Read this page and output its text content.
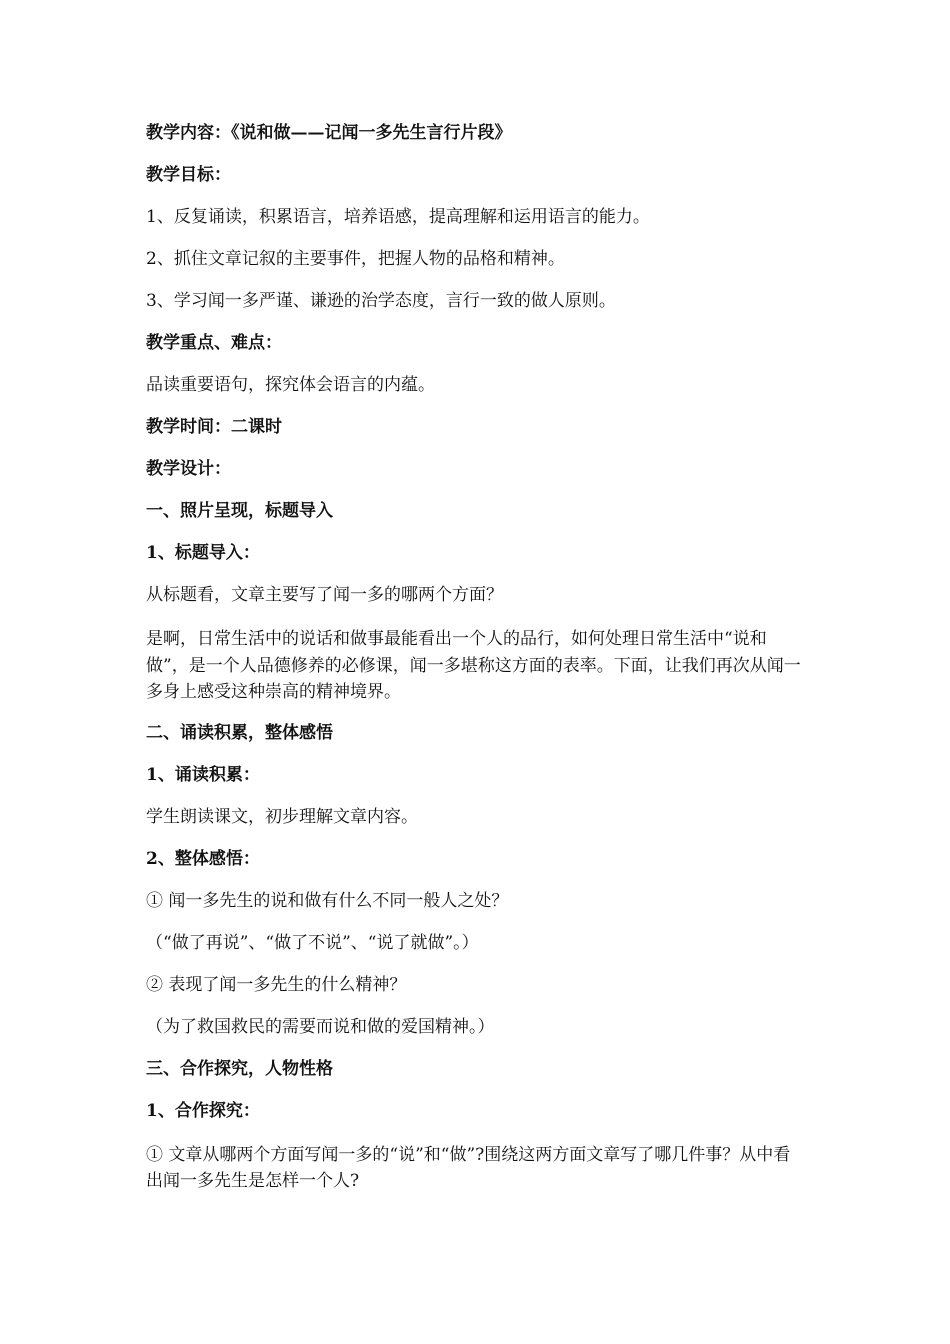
教学内容：《说和做——记闻一多先生言行片段》

教学目标：

1、反复诵读，积累语言，培养语感，提高理解和运用语言的能力。

2、抓住文章记叙的主要事件，把握人物的品格和精神。

3、学习闻一多严谨、谦逊的治学态度，言行一致的做人原则。

教学重点、难点：

品读重要语句，探究体会语言的内蕴。

教学时间：二课时

教学设计：

一、照片呈现，标题导入

1、标题导入：

从标题看，文章主要写了闻一多的哪两个方面？

是啊，日常生活中的说话和做事最能看出一个人的品行，如何处理日常生活中“说和做”，是一个人品德修养的必修课，闻一多堪称这方面的表率。下面，让我们再次从闻一多身上感受这种崇高的精神境界。

二、诵读积累，整体感悟

1、诵读积累：

学生朗读课文，初步理解文章内容。

2、整体感悟：

① 闻一多先生的说和做有什么不同一般人之处？

（“做了再说”、“做了不说”、“说了就做”。）

② 表现了闻一多先生的什么精神？

（为了救国救民的需要而说和做的爱国精神。）

三、合作探究，人物性格

1、合作探究：

① 文章从哪两个方面写闻一多的“说”和“做”?围绕这两方面文章写了哪几件事？从中看出闻一多先生是怎样一个人?
